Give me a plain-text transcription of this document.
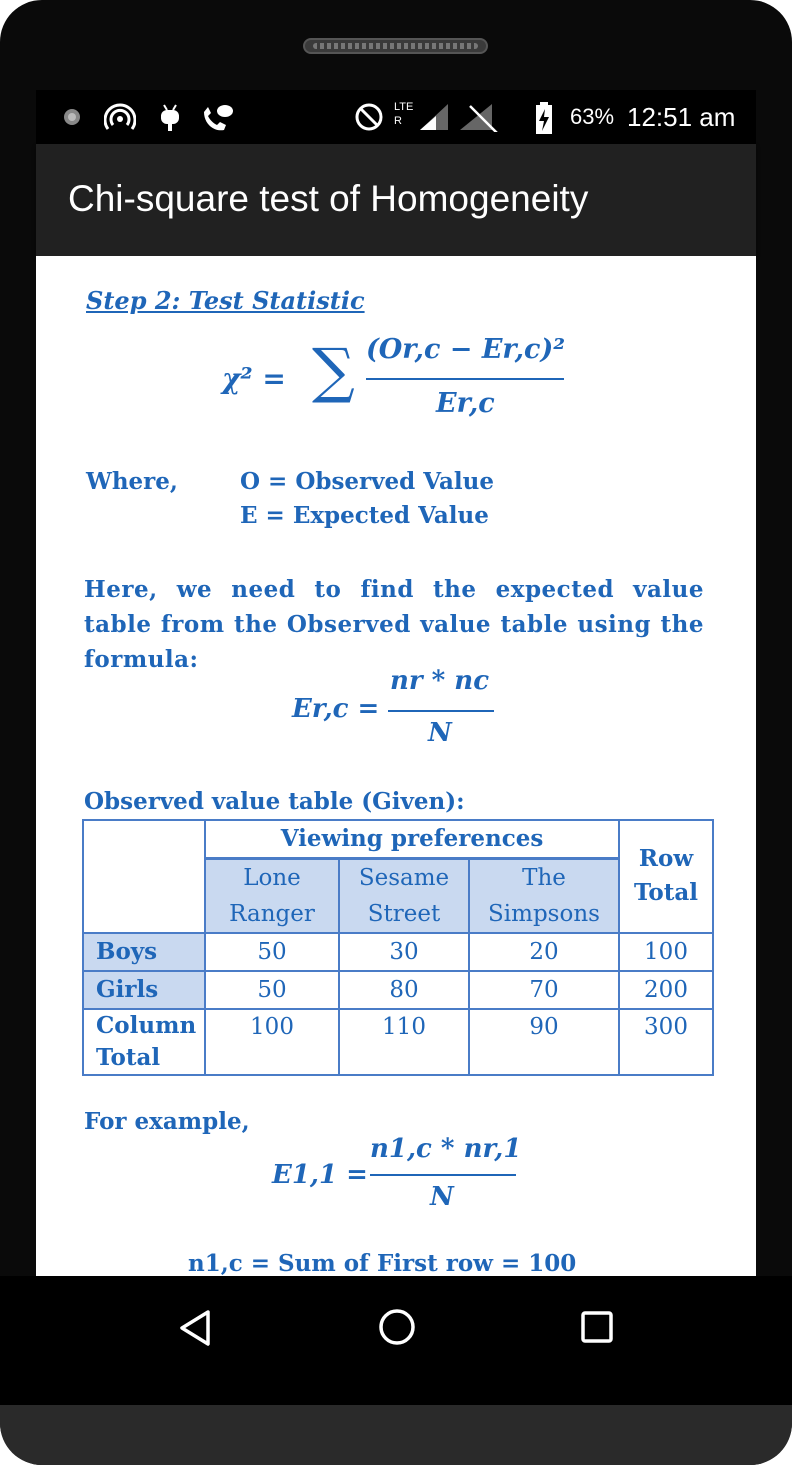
LTE R	63% 12:51 am
Chi-square test of Homogeneity
Step 2: Test Statistic
χ² = ∑ (Or,c − Er,c)²
Er,c
Where,	O = Observed Value
E = Expected Value
Here, we need to find the expected value table from the Observed value table using the formula:
Er,c =
nr * nc
N
Observed value table (Given):
	Viewing preferences			Row Total
	Lone Ranger	Sesame Street	The Simpsons	
Boys	50	30	20	100
Girls	50	80	70	200
Column Total	100	110	90	300
For example,
E1,1 =
n1,c * nr,1
N
n1,c = Sum of First row = 100
